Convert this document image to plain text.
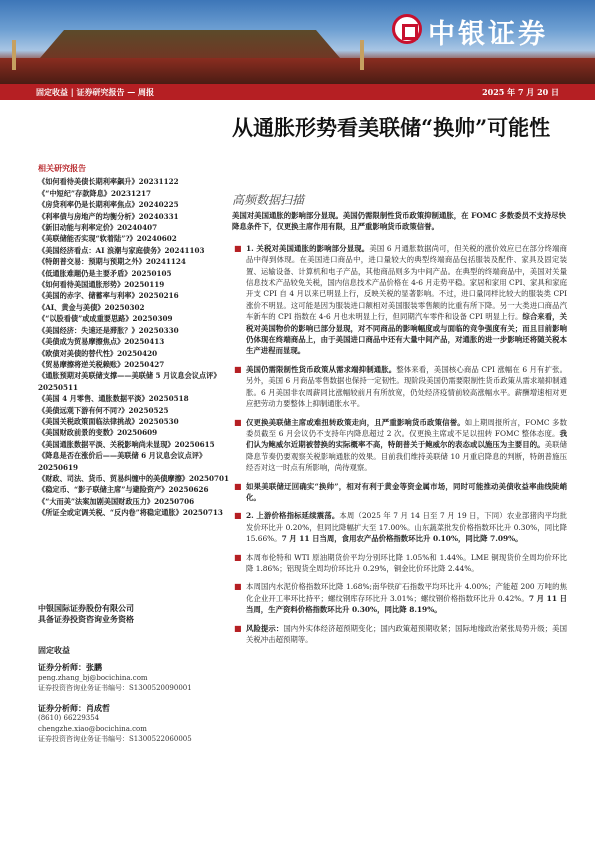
中银证券
固定收益 | 证券研究报告 — 周报	2025 年 7 月 20 日
从通胀形势看美联储“换帅”可能性
高频数据扫描
相关研究报告
《如何看待美债长期利率飙升》20231122
《“中短纪”存款降息》20231217
《房贷利率仍是长期利率焦点》20240225
《利率债与房地产的均衡分析》20240331
《新旧动能与利率定价》20240407
《美联储能否实现“软着陆”?》20240602
《美国经济看点：AI 浪潮与家庭债务》20241103
《特朗普交易：预期与预期之外》20241124
《低通胀难题仍是主要矛盾》20250105
《如何看待美国通胀形势》20250119
《美国的赤字、储蓄率与利率》20250216
《AI、黄金与美债》20250302
《“以股看债”或成重要思路》20250309
《美国经济：失速还是滞胀？》20250330
《美债成为贸易摩擦焦点》20250413
《欧债对美债的替代性》20250420
《贸易摩擦将逆关税赖账》20250427
《通胀预期对美联储支撑——美联储 5 月议息会议点评》20250511
《美国 4 月零售、通胀数据平淡》20250518
《美债远观下游有何不同?》20250525
《美国关税政策面临法律挑战》20250530
《美国财政前景的变数》20250609
《美国通胀数据平淡、关税影响尚未显现》20250615
《降息是否在涨价后——美联储 6 月议息会议点评》20250619
《财政、司法、货币、贸易纠缠中的美债摩擦》20250701
《稳定币、“影子联储主席”与避险资产》20250626
《“大而美”法案加剧美国财政压力》20250706
《所证全或定调关税、“反内卷”将稳定通胀》20250713
中银国际证券股份有限公司
具备证券投资咨询业务资格
固定收益
证券分析师：张鹏
peng.zhang_bj@bocichina.com
证券投资咨询业务证书编号：S1300520090001
证券分析师：肖成哲
(8610) 66229354
chengzhe.xiao@bocichina.com
证券投资咨询业务证书编号：S1300522060005
美国对美国通胀的影响部分显现。美国仍需限制性货币政策抑制通胀，在 FOMC 多数委员不支持尽快降息条件下，仅更换主席作用有限，且严重影响货币政策信誉。
■ 1. 关税对美国通胀的影响部分显现。美国 6 月通胀数据尚可，但关税的涨价效应已在部分终端商品中得到体现。在美国进口商品中，进口量较大的典型终端商品包括服装及配件、家具及固定装置、运输设备、计算机和电子产品，其他商品则多为中间产品。在典型的终端商品中，美国对关量信息技术产品较免关税，国内信息技术产品价格在 4-6 月走势平稳。家居和家用 CPI、家具和家庭开支 CPI 自 4 月以来已明显上行，反映关税的显著影响。不过，进口量同样比较大的服装类 CPI 涨价不明显。这可能是因为服装进口额相对美国服装零售额的比重有所下降。另一大类进口商品汽车新车的 CPI 指数在 4-6 月也未明显上行，但同期汽车零件和设备 CPI 明显上行。综合来看，关税对美国物价的影响已部分显现，对不同商品的影响幅度或与面临的竞争强度有关；而且目前影响仍体现在终端商品上，由于美国进口商品中还有大量中间产品，对通胀的进一步影响还将随关税本生产进程而显现。
■ 美国仍需限制性货币政策从需求端抑制通胀。整体来看，美国核心商品 CPI 涨幅在 6 月有扩张。另外，美国 6 月商品零售数据也保持一定韧性。现阶段美国仍需要限制性货币政策从需求端抑制通胀。6 月美国非农周薪同比涨幅较前月有所放宽，仍处经济疫情前较高涨幅水平。薪酬增速相对更应把劳动力要整体上抑制通胀水平。
■ 仅更换美联储主席或难扭转政策走向，且严重影响货币政策信誉。如上期周报所言，FOMC 多数委员截至 6 月会议仍不支持年内降息超过 2 次。仅更换主席或不足以扭转 FOMC 整体态度。我们认为鲍威尔近期被替换的实际概率不高，特朗普关于鲍威尔的表态或以施压为主要目的。美联储降息节奏仍要观察关税影响通胀的效果。目前我们维持美联储 10 月重启降息的判断，特朗普施压经否对这一时点有所影响，尚待观察。
■ 如果美联储迂回确实“换帅”，相对有利于黄金等资金属市场，同时可能推动美债收益率曲线陡峭化。
■ 2. 上游价格指标延续震荡。本周（2025 年 7 月 14 日至 7 月 19 日，下同）农业部猪肉平均批发价环比升 0.20%，但同比降幅扩大至 17.00%。山东蔬菜批发价格指数环比升 0.30%，同比降 15.66%。7 月 11 日当周，食用农产品价格指数环比升 0.10%，同比降 7.09%。
■ 本周布伦特和 WTI 原油期货价平均分别环比降 1.05%和 1.44%。LME 铜现货价全周均价环比降 1.86%；铝现货全周均价环比升 0.29%，铜金比价环比降 2.44%。
■ 本周国内水泥价格指数环比降 1.68%;南华铁矿石指数平均环比升 4.00%；产能超 200 万吨的焦化企业开工率环比持平；螺纹钢库存环比升 3.01%；螺纹钢价格指数环比升 0.42%。7 月 11 日当周，生产资料价格指数环比升 0.30%，同比降 8.19%。
■ 风险提示：国内外实体经济超预期变化；国内政策超预期收紧；国际地缘政治紧张局势升级；美国关税冲击超预期等。
